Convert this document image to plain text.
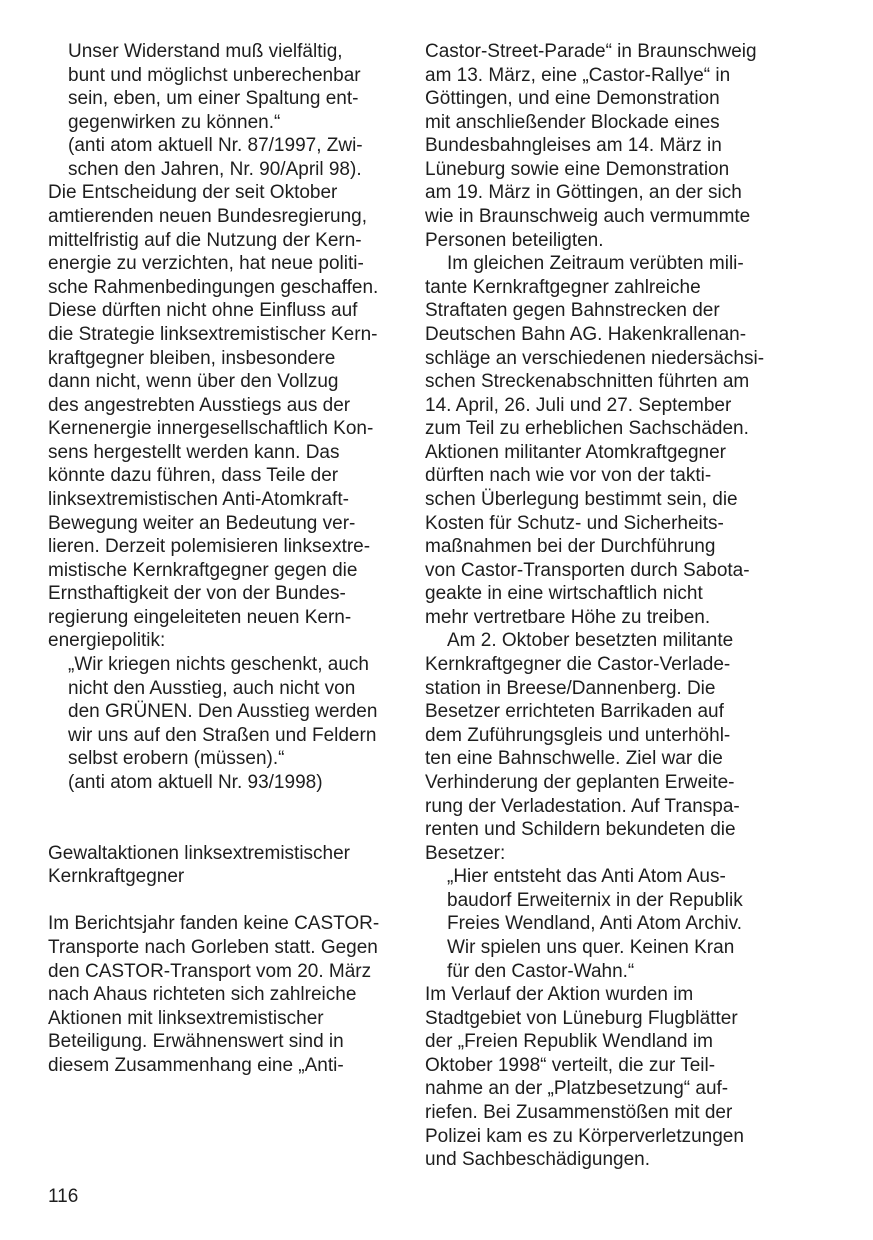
Unser Widerstand muß vielfältig,
bunt und möglichst unberechenbar
sein, eben, um einer Spaltung ent-
gegenwirken zu können.“
(anti atom aktuell Nr. 87/1997, Zwi-
schen den Jahren, Nr. 90/April 98).
Die Entscheidung der seit Oktober
amtierenden neuen Bundesregierung,
mittelfristig auf die Nutzung der Kern-
energie zu verzichten, hat neue politi-
sche Rahmenbedingungen geschaffen.
Diese dürften nicht ohne Einfluss auf
die Strategie linksextremistischer Kern-
kraftgegner bleiben, insbesondere
dann nicht, wenn über den Vollzug
des angestrebten Ausstiegs aus der
Kernenergie innergesellschaftlich Kon-
sens hergestellt werden kann. Das
könnte dazu führen, dass Teile der
linksextremistischen Anti-Atomkraft-
Bewegung weiter an Bedeutung ver-
lieren. Derzeit polemisieren linksextre-
mistische Kernkraftgegner gegen die
Ernsthaftigkeit der von der Bundes-
regierung eingeleiteten neuen Kern-
energiepolitik:
„Wir kriegen nichts geschenkt, auch
nicht den Ausstieg, auch nicht von
den GRÜNEN. Den Ausstieg werden
wir uns auf den Straßen und Feldern
selbst erobern (müssen).“
(anti atom aktuell Nr. 93/1998)
Gewaltaktionen linksextremistischer
Kernkraftgegner
Im Berichtsjahr fanden keine CASTOR-
Transporte nach Gorleben statt. Gegen
den CASTOR-Transport vom 20. März
nach Ahaus richteten sich zahlreiche
Aktionen mit linksextremistischer
Beteiligung. Erwähnenswert sind in
diesem Zusammenhang eine „Anti-
Castor-Street-Parade“ in Braunschweig
am 13. März, eine „Castor-Rallye“ in
Göttingen, und eine Demonstration
mit anschließender Blockade eines
Bundesbahngleises am 14. März in
Lüneburg sowie eine Demonstration
am 19. März in Göttingen, an der sich
wie in Braunschweig auch vermummte
Personen beteiligten.
Im gleichen Zeitraum verübten mili-
tante Kernkraftgegner zahlreiche
Straftaten gegen Bahnstrecken der
Deutschen Bahn AG. Hakenkrallenan-
schläge an verschiedenen niedersächsi-
schen Streckenabschnitten führten am
14. April, 26. Juli und 27. September
zum Teil zu erheblichen Sachschäden.
Aktionen militanter Atomkraftgegner
dürften nach wie vor von der takti-
schen Überlegung bestimmt sein, die
Kosten für Schutz- und Sicherheits-
maßnahmen bei der Durchführung
von Castor-Transporten durch Sabota-
geakte in eine wirtschaftlich nicht
mehr vertretbare Höhe zu treiben.
Am 2. Oktober besetzten militante
Kernkraftgegner die Castor-Verlade-
station in Breese/Dannenberg. Die
Besetzer errichteten Barrikaden auf
dem Zuführungsgleis und unterhöhl-
ten eine Bahnschwelle. Ziel war die
Verhinderung der geplanten Erweite-
rung der Verladestation. Auf Transpa-
renten und Schildern bekundeten die
Besetzer:
„Hier entsteht das Anti Atom Aus-
baudorf Erweiternix in der Republik
Freies Wendland, Anti Atom Archiv.
Wir spielen uns quer. Keinen Kran
für den Castor-Wahn.“
Im Verlauf der Aktion wurden im
Stadtgebiet von Lüneburg Flugblätter
der „Freien Republik Wendland im
Oktober 1998“ verteilt, die zur Teil-
nahme an der „Platzbesetzung“ auf-
riefen. Bei Zusammenstößen mit der
Polizei kam es zu Körperverletzungen
und Sachbeschädigungen.
116
